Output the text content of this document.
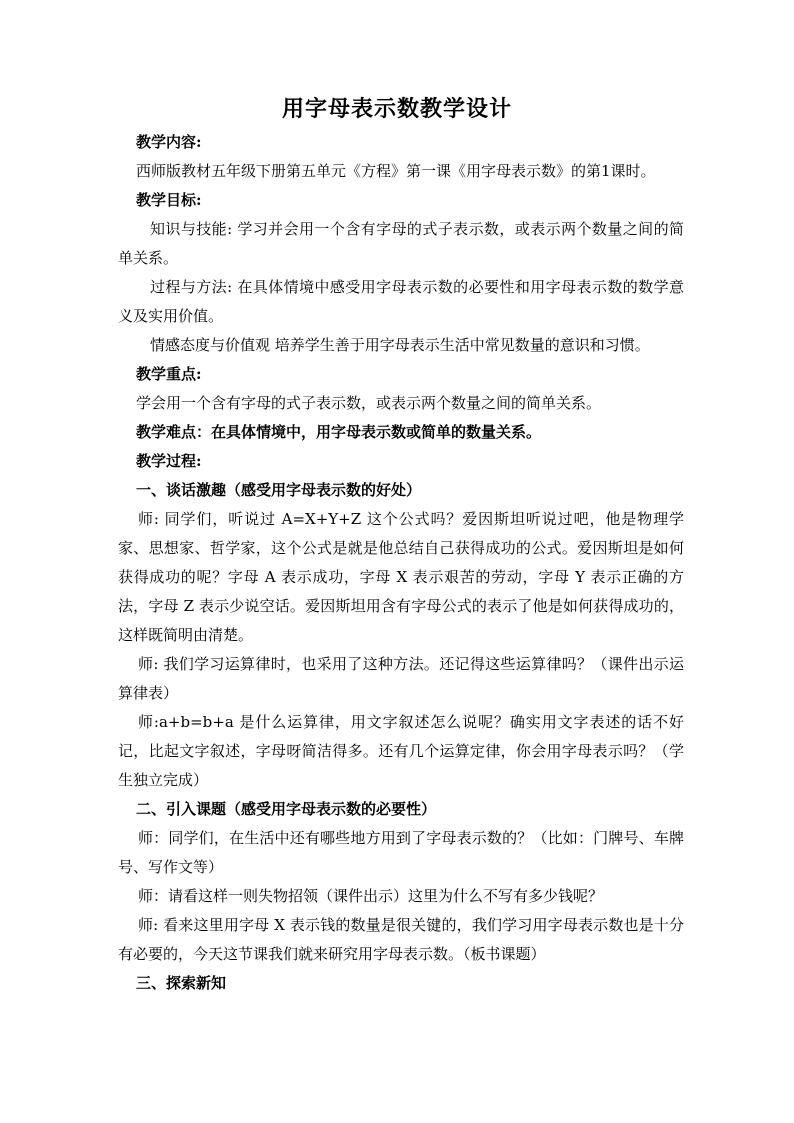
用字母表示数教学设计

教学内容:

西师版教材五年级下册第五单元《方程》第一课《用字母表示数》的第1课时。

教学目标:

知识与技能: 学习并会用一个含有字母的式子表示数，或表示两个数量之间的简单关系。

过程与方法: 在具体情境中感受用字母表示数的必要性和用字母表示数的数学意义及实用价值。

情感态度与价值观 培养学生善于用字母表示生活中常见数量的意识和习惯。

教学重点:

学会用一个含有字母的式子表示数，或表示两个数量之间的简单关系。

教学难点：在具体情境中，用字母表示数或简单的数量关系。

教学过程:

一、谈话激趣（感受用字母表示数的好处）

师: 同学们，听说过 A=X+Y+Z 这个公式吗？爱因斯坦听说过吧，他是物理学家、思想家、哲学家，这个公式是就是他总结自己获得成功的公式。爱因斯坦是如何获得成功的呢？字母 A 表示成功，字母 X 表示艰苦的劳动，字母 Y 表示正确的方法，字母 Z 表示少说空话。爱因斯坦用含有字母公式的表示了他是如何获得成功的，这样既简明由清楚。

师: 我们学习运算律时，也采用了这种方法。还记得这些运算律吗？（课件出示运算律表）

师:a+b=b+a 是什么运算律，用文字叙述怎么说呢？确实用文字表述的话不好记，比起文字叙述，字母呀简洁得多。还有几个运算定律，你会用字母表示吗？（学生独立完成）

二、引入课题（感受用字母表示数的必要性）

师：同学们，在生活中还有哪些地方用到了字母表示数的？（比如：门牌号、车牌号、写作文等）

师：请看这样一则失物招领（课件出示）这里为什么不写有多少钱呢？

师: 看来这里用字母 X 表示钱的数量是很关键的，我们学习用字母表示数也是十分有必要的，今天这节课我们就来研究用字母表示数。（板书课题）

三、探索新知
